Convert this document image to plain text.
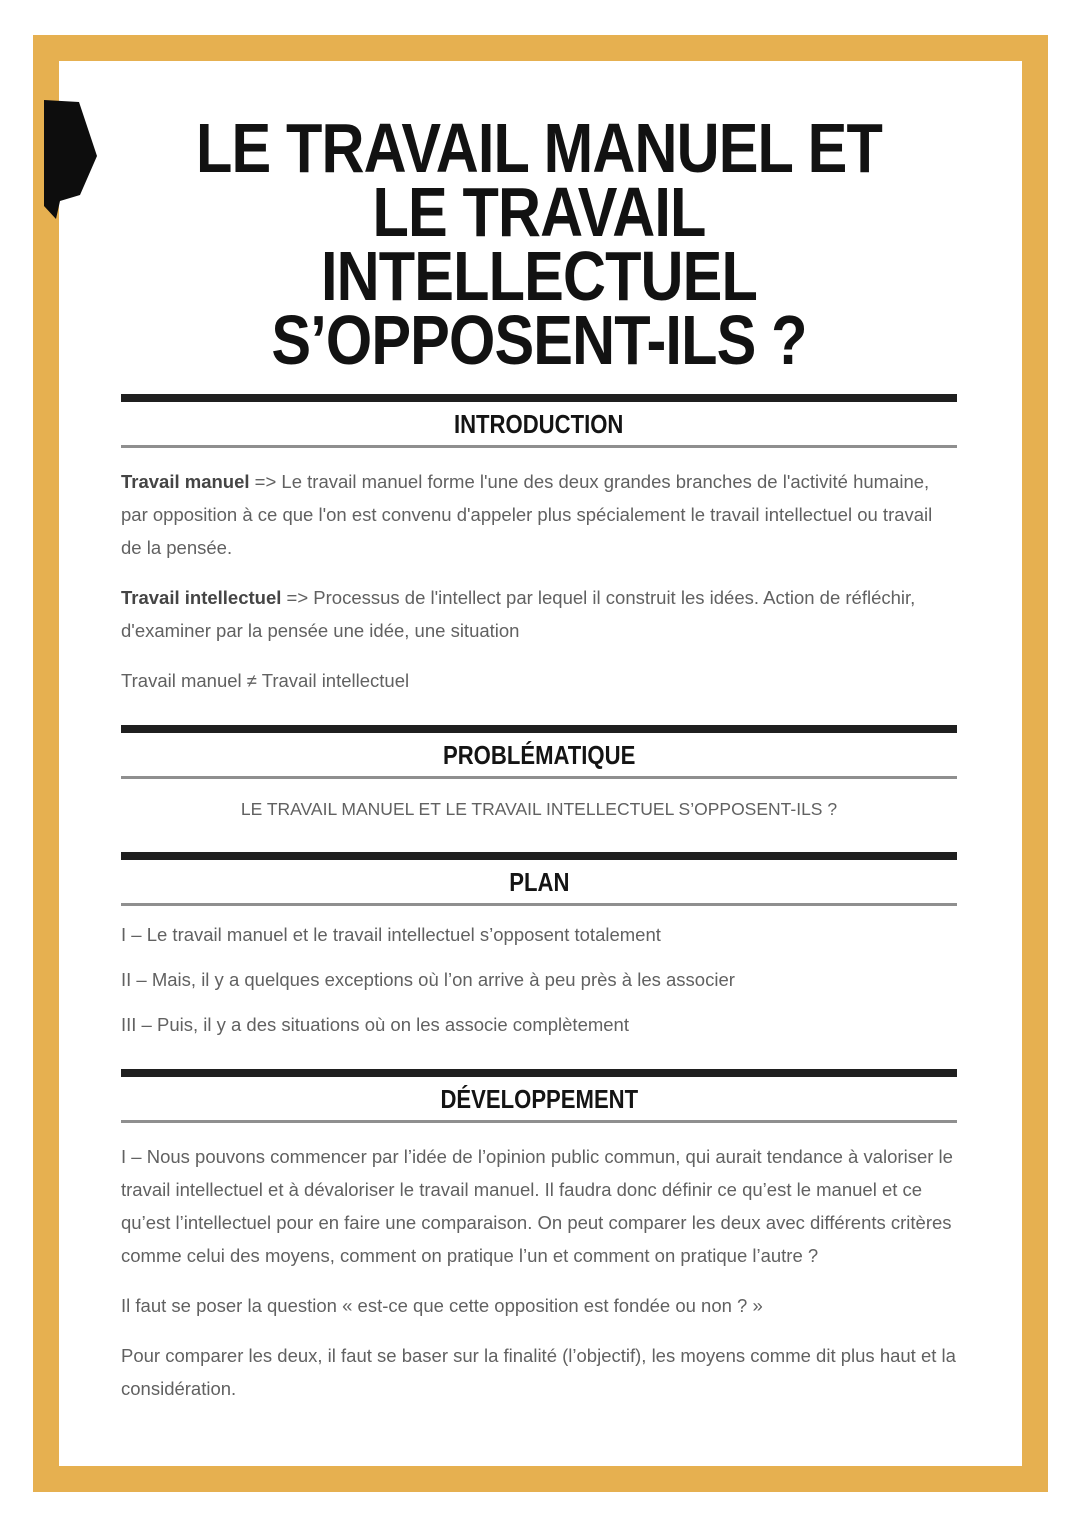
LE TRAVAIL MANUEL ET
LE TRAVAIL
INTELLECTUEL
S’OPPOSENT-ILS ?
INTRODUCTION

Travail manuel => Le travail manuel forme l'une des deux grandes branches de l'activité humaine, par opposition à ce que l'on est convenu d'appeler plus spécialement le travail intellectuel ou travail de la pensée.

Travail intellectuel => Processus de l'intellect par lequel il construit les idées. Action de réfléchir, d'examiner par la pensée une idée, une situation

Travail manuel ≠ Travail intellectuel

PROBLÉMATIQUE

LE TRAVAIL MANUEL ET LE TRAVAIL INTELLECTUEL S’OPPOSENT-ILS ?

PLAN

I – Le travail manuel et le travail intellectuel s’opposent totalement

II – Mais, il y a quelques exceptions où l’on arrive à peu près à les associer

III – Puis, il y a des situations où on les associe complètement

DÉVELOPPEMENT

I – Nous pouvons commencer par l’idée de l’opinion public commun, qui aurait tendance à valoriser le travail intellectuel et à dévaloriser le travail manuel. Il faudra donc définir ce qu’est le manuel et ce qu’est l’intellectuel pour en faire une comparaison. On peut comparer les deux avec différents critères comme celui des moyens, comment on pratique l’un et comment on pratique l’autre ?

Il faut se poser la question « est-ce que cette opposition est fondée ou non ? »

Pour comparer les deux, il faut se baser sur la finalité (l’objectif), les moyens comme dit plus haut et la considération.
